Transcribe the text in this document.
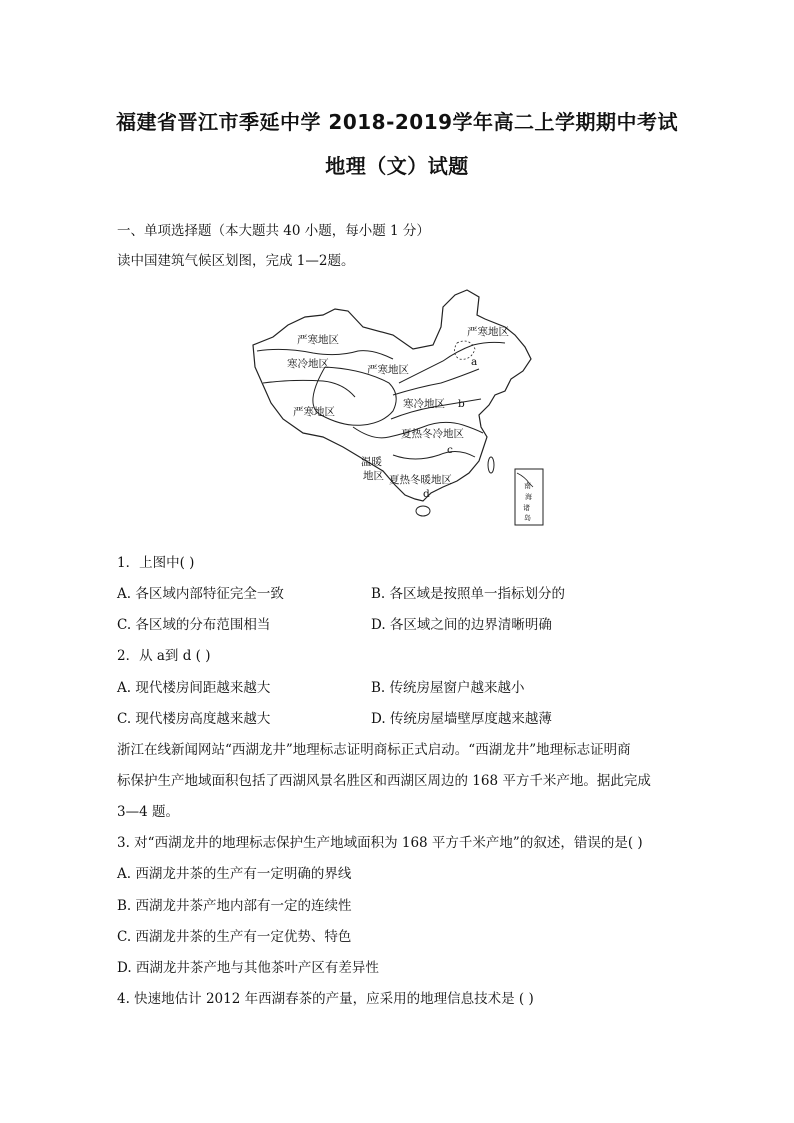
福建省晋江市季延中学 2018-2019学年高二上学期期中考试
地理（文）试题
一、单项选择题（本大题共 40 小题，每小题 1 分）
读中国建筑气候区划图，完成 1—2题。
严寒地区
寒冷地区	严寒地区
严寒地区
严寒地区
寒冷地区
夏热冬冷地区
温暖
地区 夏热冬暖地区
a
b
c
d
南
海
诸
岛
1．上图中( )
A. 各区域内部特征完全一致	B. 各区域是按照单一指标划分的
C. 各区域的分布范围相当	D. 各区域之间的边界清晰明确
2．从 a到 d ( )
A. 现代楼房间距越来越大	B. 传统房屋窗户越来越小
C. 现代楼房高度越来越大	D. 传统房屋墙壁厚度越来越薄
浙江在线新闻网站“西湖龙井”地理标志证明商标正式启动。“西湖龙井”地理标志证明商
标保护生产地域面积包括了西湖风景名胜区和西湖区周边的 168 平方千米产地。据此完成
3—4 题。
3. 对“西湖龙井的地理标志保护生产地域面积为 168 平方千米产地”的叙述，错误的是( )
A. 西湖龙井茶的生产有一定明确的界线
B. 西湖龙井茶产地内部有一定的连续性
C. 西湖龙井茶的生产有一定优势、特色
D. 西湖龙井茶产地与其他茶叶产区有差异性
4. 快速地估计 2012 年西湖春茶的产量，应采用的地理信息技术是 ( )
